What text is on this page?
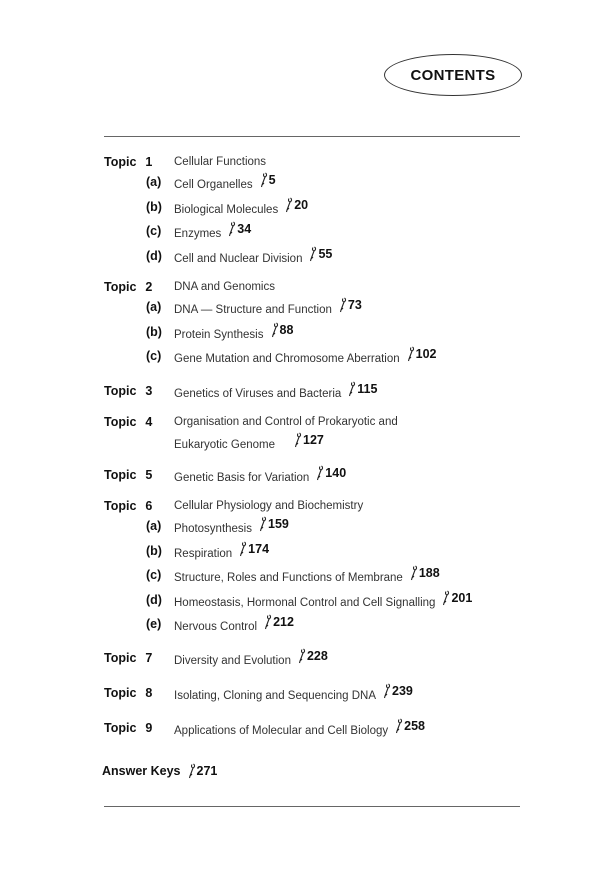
CONTENTS
Topic 1 Cellular Functions
(a) Cell Organelles 5
(b) Biological Molecules 20
(c) Enzymes 34
(d) Cell and Nuclear Division 55
Topic 2 DNA and Genomics
(a) DNA — Structure and Function 73
(b) Protein Synthesis 88
(c) Gene Mutation and Chromosome Aberration 102
Topic 3 Genetics of Viruses and Bacteria 115
Topic 4 Organisation and Control of Prokaryotic and
Eukaryotic Genome 127
Topic 5 Genetic Basis for Variation 140
Topic 6 Cellular Physiology and Biochemistry
(a) Photosynthesis 159
(b) Respiration 174
(c) Structure, Roles and Functions of Membrane 188
(d) Homeostasis, Hormonal Control and Cell Signalling 201
(e) Nervous Control 212
Topic 7 Diversity and Evolution 228
Topic 8 Isolating, Cloning and Sequencing DNA 239
Topic 9 Applications of Molecular and Cell Biology 258
Answer Keys 271
